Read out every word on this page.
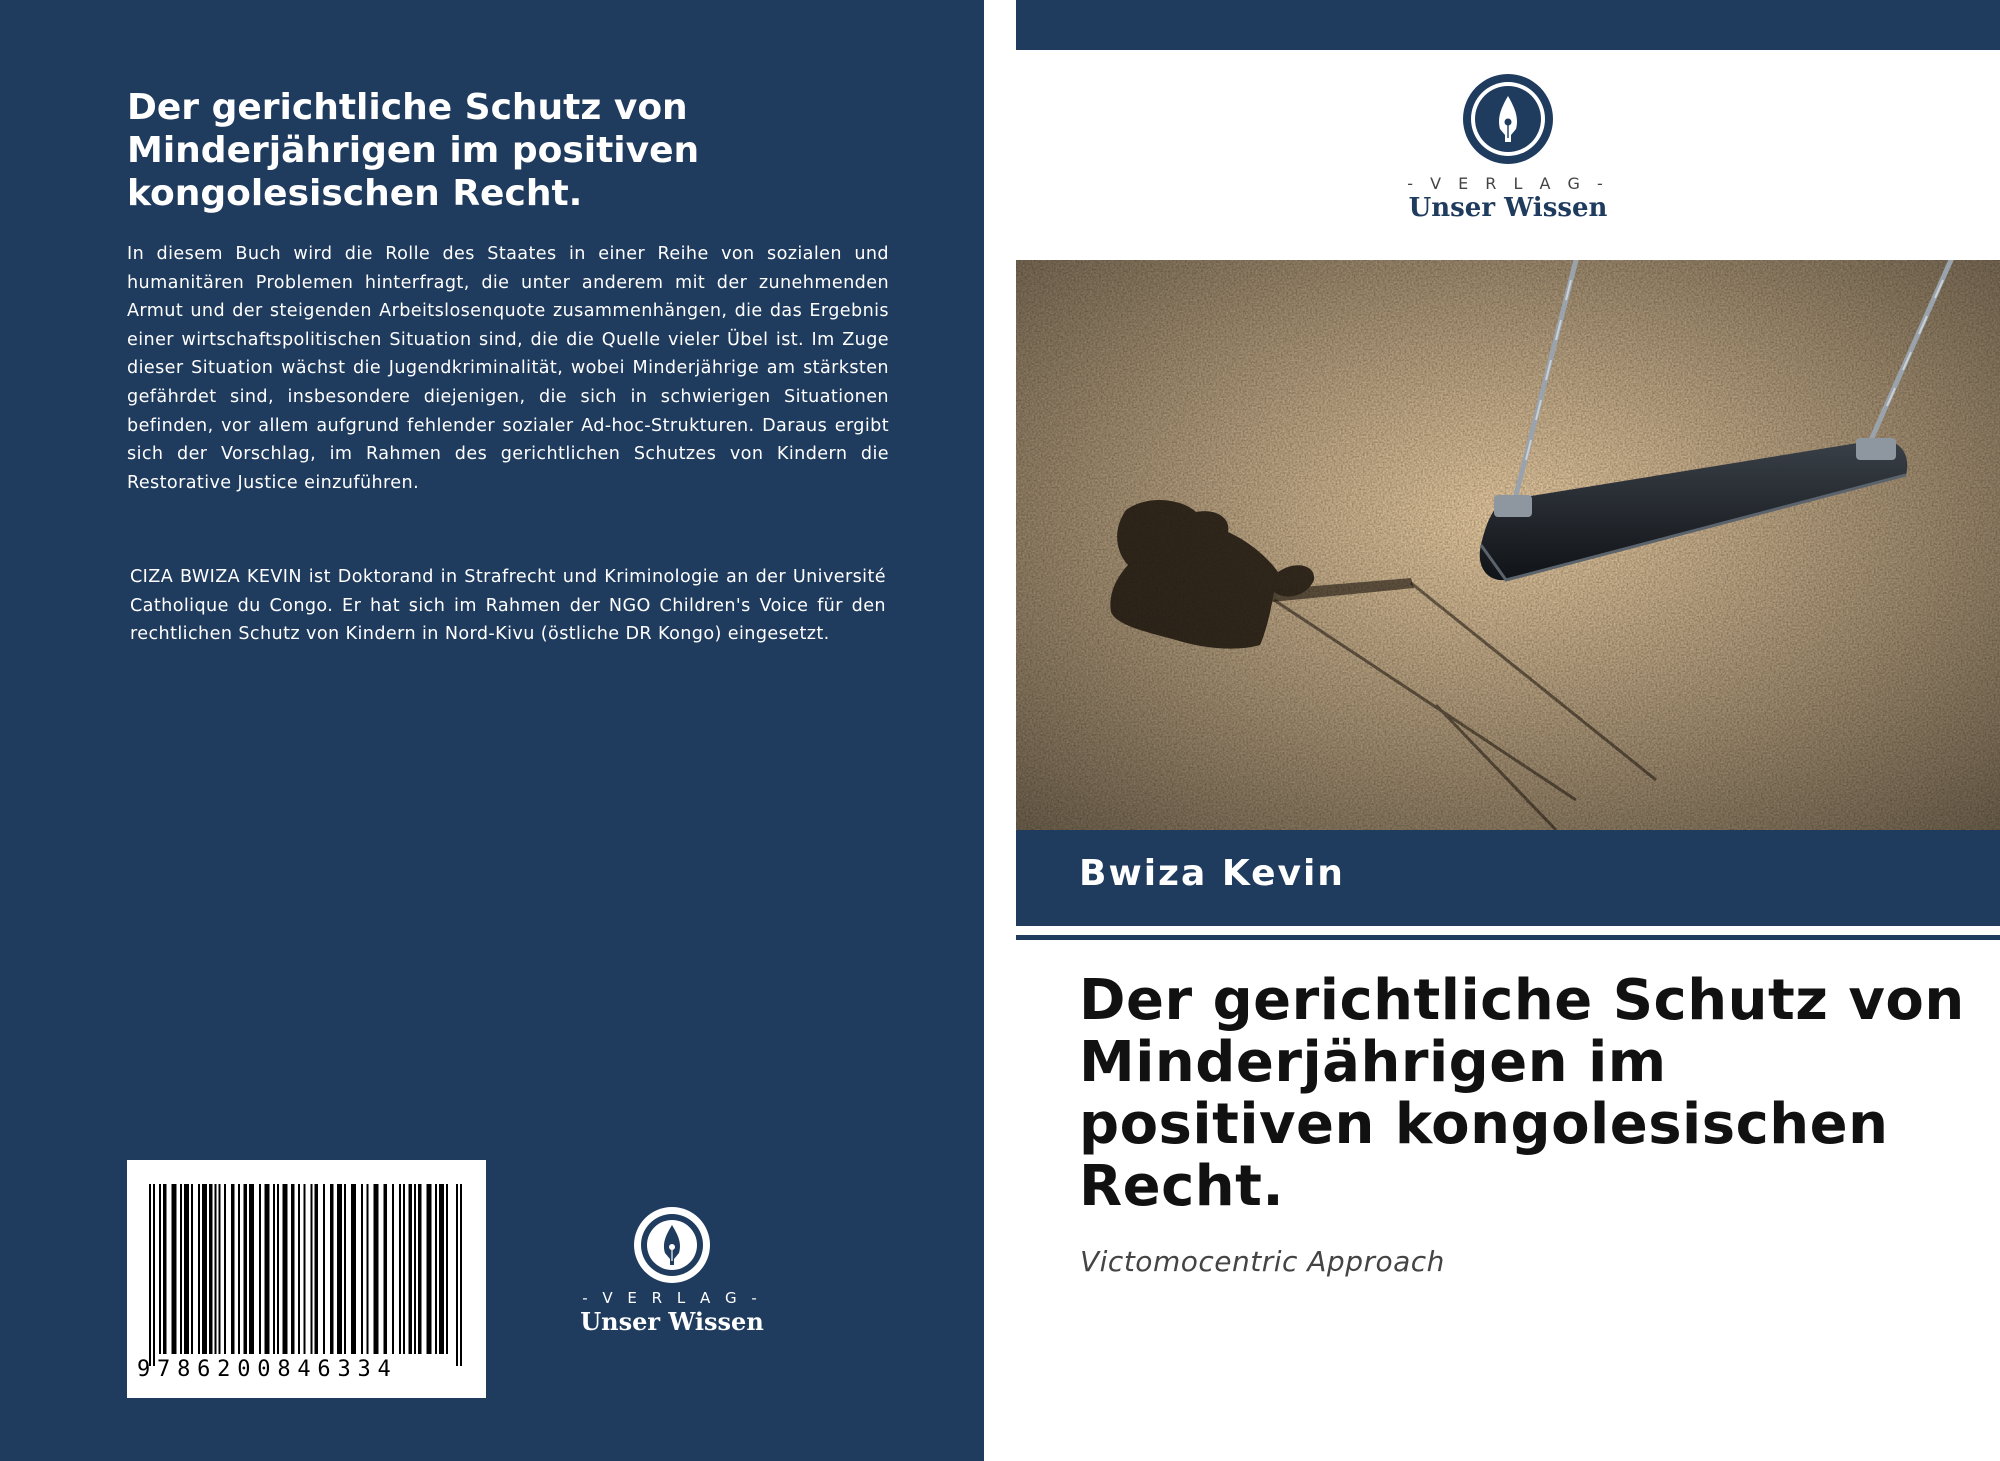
Der gerichtliche Schutz von Minderjährigen im positiven kongolesischen Recht.

In diesem Buch wird die Rolle des Staates in einer Reihe von sozialen und humanitären Problemen hinterfragt, die unter anderem mit der zunehmenden Armut und der steigenden Arbeitslosenquote zusammenhängen, die das Ergebnis einer wirtschaftspolitischen Situation sind, die die Quelle vieler Übel ist. Im Zuge dieser Situation wächst die Jugendkriminalität, wobei Minderjährige am stärksten gefährdet sind, insbesondere diejenigen, die sich in schwierigen Situationen befinden, vor allem aufgrund fehlender sozialer Ad-hoc-Strukturen. Daraus ergibt sich der Vorschlag, im Rahmen des gerichtlichen Schutzes von Kindern die Restorative Justice einzuführen.

CIZA BWIZA KEVIN ist Doktorand in Strafrecht und Kriminologie an der Université Catholique du Congo. Er hat sich im Rahmen der NGO Children's Voice für den rechtlichen Schutz von Kindern in Nord-Kivu (östliche DR Kongo) eingesetzt.

9786200846334
- V E R L A G -
Unser Wissen
- V E R L A G -
Unser Wissen
Bwiza Kevin
Der gerichtliche Schutz von Minderjährigen im positiven kongolesischen Recht.
Victomocentric Approach
